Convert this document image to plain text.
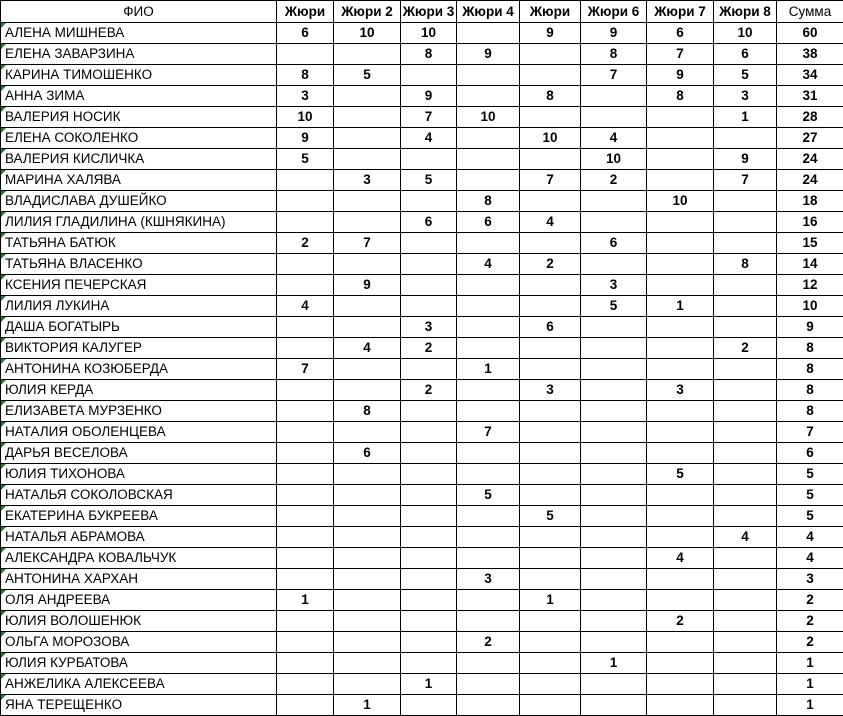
ФИО	Жюри	Жюри 2	Жюри 3	Жюри 4	Жюри	Жюри 6	Жюри 7	Жюри 8	Сумма
АЛЕНА МИШНЕВА	6	10	10		9	9	6	10	60
ЕЛЕНА ЗАВАРЗИНА			8	9		8	7	6	38
КАРИНА ТИМОШЕНКО	8	5				7	9	5	34
АННА ЗИМА	3		9		8		8	3	31
ВАЛЕРИЯ НОСИК	10		7	10				1	28
ЕЛЕНА СОКОЛЕНКО	9		4		10	4			27
ВАЛЕРИЯ КИСЛИЧКА	5					10		9	24
МАРИНА ХАЛЯВА		3	5		7	2		7	24
ВЛАДИСЛАВА ДУШЕЙКО				8			10		18
ЛИЛИЯ ГЛАДИЛИНА (КШНЯКИНА)			6	6	4				16
ТАТЬЯНА БАТЮК	2	7				6			15
ТАТЬЯНА ВЛАСЕНКО				4	2			8	14
КСЕНИЯ ПЕЧЕРСКАЯ		9				3			12
ЛИЛИЯ ЛУКИНА	4					5	1		10
ДАША БОГАТЫРЬ			3		6				9
ВИКТОРИЯ КАЛУГЕР		4	2					2	8
АНТОНИНА КОЗЮБЕРДА	7			1					8
ЮЛИЯ КЕРДА			2		3		3		8
ЕЛИЗАВЕТА МУРЗЕНКО		8							8
НАТАЛИЯ ОБОЛЕНЦЕВА				7					7
ДАРЬЯ ВЕСЕЛОВА		6							6
ЮЛИЯ ТИХОНОВА							5		5
НАТАЛЬЯ СОКОЛОВСКАЯ				5					5
ЕКАТЕРИНА БУКРЕЕВА					5				5
НАТАЛЬЯ АБРАМОВА								4	4
АЛЕКСАНДРА КОВАЛЬЧУК							4		4
АНТОНИНА ХАРХАН				3					3
ОЛЯ АНДРЕЕВА	1				1				2
ЮЛИЯ ВОЛОШЕНЮК							2		2
ОЛЬГА МОРОЗОВА				2					2
ЮЛИЯ КУРБАТОВА						1			1
АНЖЕЛИКА АЛЕКСЕЕВА			1						1
ЯНА ТЕРЕЩЕНКО		1							1
